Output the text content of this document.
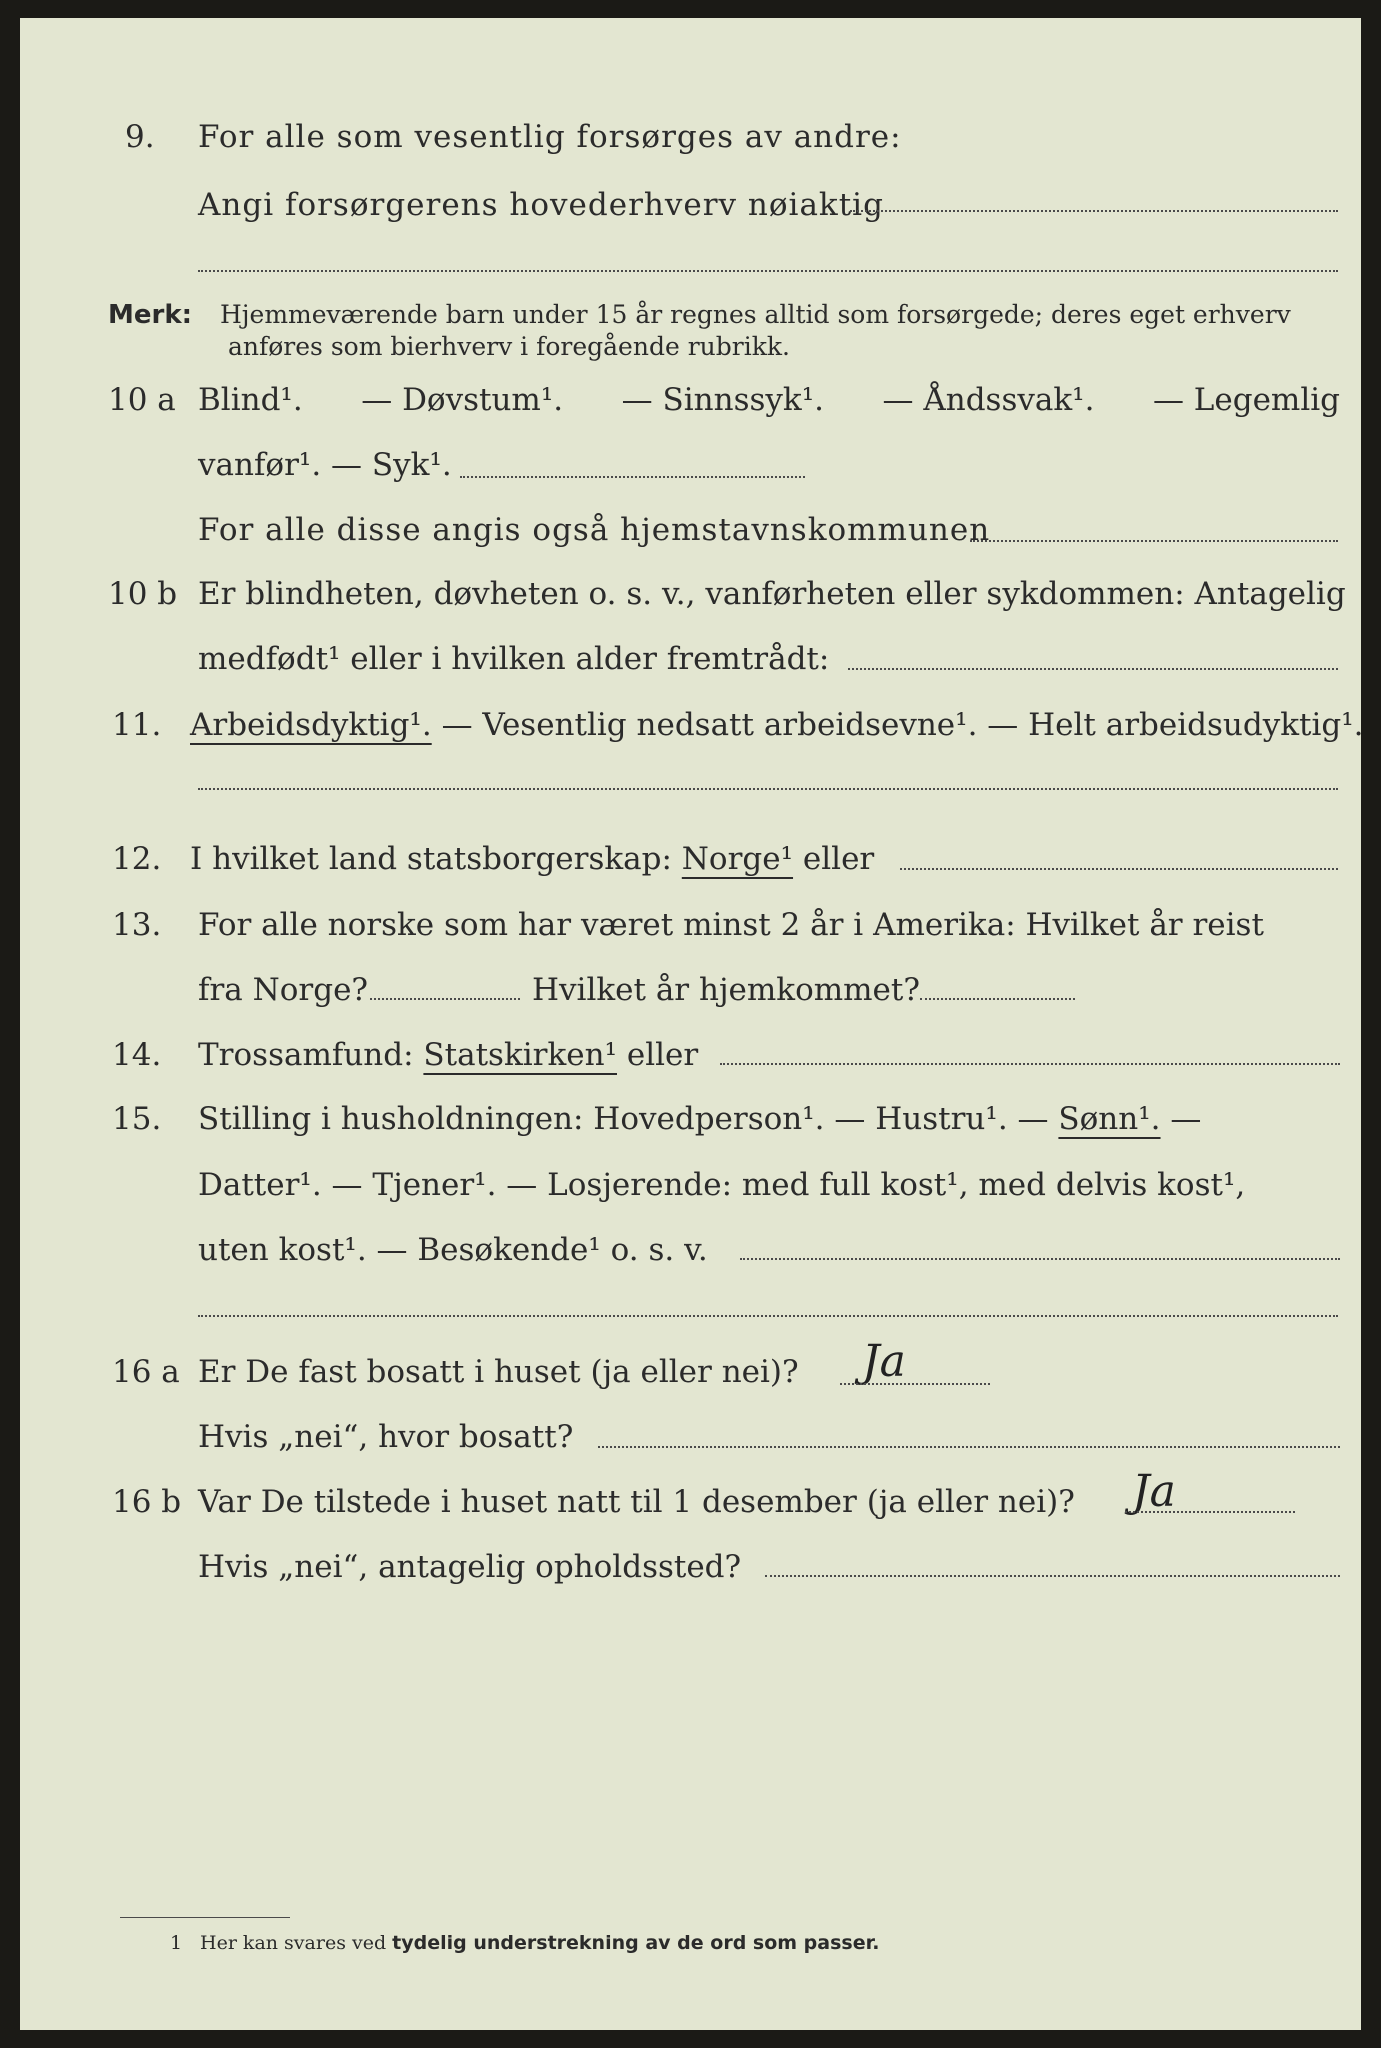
9. For alle som vesentlig forsørges av andre:
Angi forsørgerens hovederhverv nøiaktig
Merk: Hjemmeværende barn under 15 år regnes alltid som forsørgede; deres eget erhverv
anføres som bierhverv i foregående rubrikk.
10 a Blind¹. — Døvstum¹. — Sinnssyk¹. — Åndssvak¹. — Legemlig
vanfør¹. — Syk¹.
For alle disse angis også hjemstavnskommunen
10 b Er blindheten, døvheten o. s. v., vanførheten eller sykdommen: Antagelig
medfødt¹ eller i hvilken alder fremtrådt:
11. Arbeidsdyktig¹. — Vesentlig nedsatt arbeidsevne¹. — Helt arbeidsudyktig¹.
12. I hvilket land statsborgerskap: Norge¹ eller
13. For alle norske som har været minst 2 år i Amerika: Hvilket år reist
fra Norge?	Hvilket år hjemkommet?
14. Trossamfund: Statskirken¹ eller
15. Stilling i husholdningen: Hovedperson¹. — Hustru¹. — Sønn¹. —
Datter¹. — Tjener¹. — Losjerende: med full kost¹, med delvis kost¹,
uten kost¹. — Besøkende¹ o. s. v.
16 a Er De fast bosatt i huset (ja eller nei)? Ja
Hvis „nei“, hvor bosatt?
16 b Var De tilstede i huset natt til 1 desember (ja eller nei)? Ja
Hvis „nei“, antagelig opholdssted?
1 Her kan svares ved tydelig understrekning av de ord som passer.
